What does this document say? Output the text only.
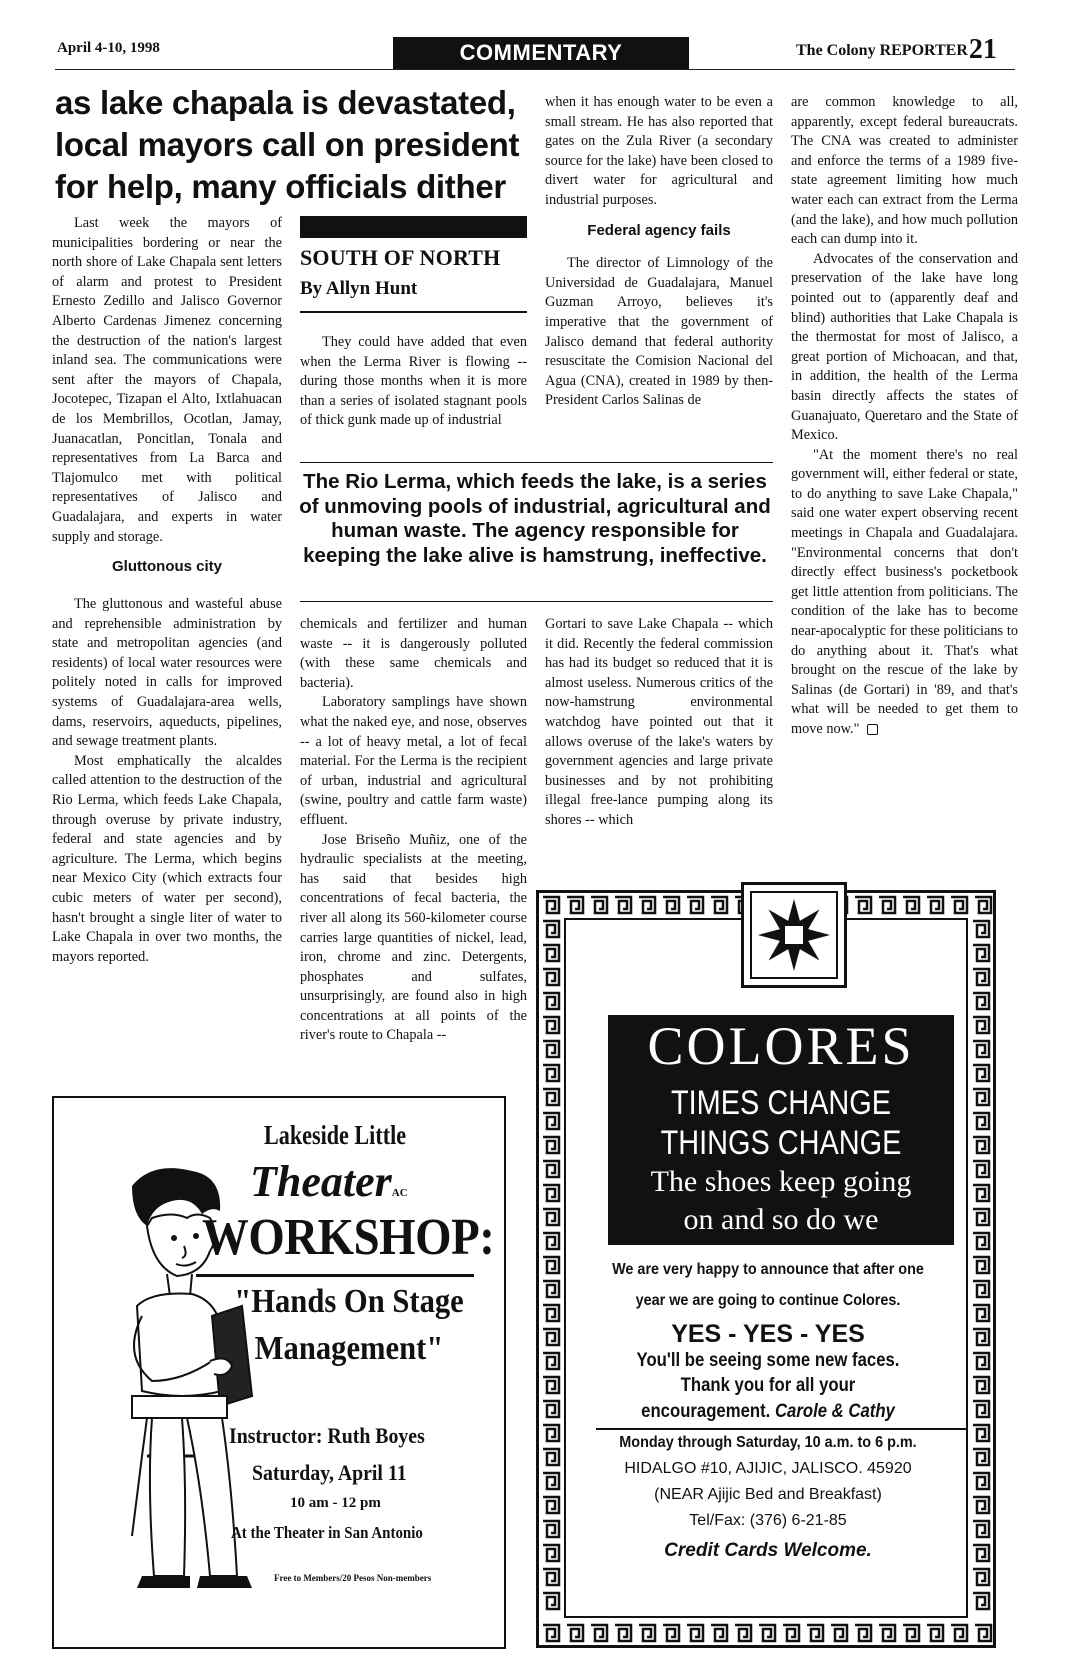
April 4-10, 1998	COMMENTARY	The Colony REPORTER21
as lake chapala is devastated, local mayors call on president for help, many officials dither

Last week the mayors of municipalities bordering or near the north shore of Lake Chapala sent letters of alarm and protest to President Ernesto Zedillo and Jalisco Governor Alberto Cardenas Jimenez concerning the destruction of the nation's largest inland sea. The communications were sent after the mayors of Chapala, Jocotepec, Tizapan el Alto, Ixtlahuacan de los Membrillos, Ocotlan, Jamay, Juanacatlan, Poncitlan, Tonala and representatives from La Barca and Tlajomulco met with political representatives of Jalisco and Guadalajara, and experts in water supply and storage.

Gluttonous city

The gluttonous and wasteful abuse and reprehensible administration by state and metropolitan agencies (and residents) of local water resources were politely noted in calls for improved systems of Guadalajara-area wells, dams, reservoirs, aqueducts, pipelines, and sewage treatment plants.

Most emphatically the alcaldes called attention to the destruction of the Rio Lerma, which feeds Lake Chapala, through overuse by private industry, federal and state agencies and by agriculture. The Lerma, which begins near Mexico City (which extracts four cubic meters of water per second), hasn't brought a single liter of water to Lake Chapala in over two months, the mayors reported.

SOUTH OF NORTH
By Allyn Hunt

They could have added that even when the Lerma River is flowing -- during those months when it is more than a series of isolated stagnant pools of thick gunk made up of industrial

chemicals and fertilizer and human waste -- it is dangerously polluted (with these same chemicals and bacteria).

Laboratory samplings have shown what the naked eye, and nose, observes -- a lot of heavy metal, a lot of fecal material. For the Lerma is the recipient of urban, industrial and agricultural (swine, poultry and cattle farm waste) effluent.

Jose Briseño Muñiz, one of the hydraulic specialists at the meeting, has said that besides high concentrations of fecal bacteria, the river all along its 560-kilometer course carries large quantities of nickel, lead, iron, chrome and zinc. Detergents, phosphates and sulfates, unsurprisingly, are found also in high concentrations at all points of the river's route to Chapala --

when it has enough water to be even a small stream. He has also reported that gates on the Zula River (a secondary source for the lake) have been closed to divert water for agricultural and industrial purposes.

Federal agency fails

The director of Limnology of the Universidad de Guadalajara, Manuel Guzman Arroyo, believes it's imperative that the government of Jalisco demand that federal authority resuscitate the Comision Nacional del Agua (CNA), created in 1989 by then-President Carlos Salinas de

Gortari to save Lake Chapala -- which it did. Recently the federal commission has had its budget so reduced that it is almost useless. Numerous critics of the now-hamstrung environmental watchdog have pointed out that it allows overuse of the lake's waters by government agencies and large private businesses and by not prohibiting illegal free-lance pumping along its shores -- which

are common knowledge to all, apparently, except federal bureaucrats. The CNA was created to administer and enforce the terms of a 1989 five-state agreement limiting how much water each can extract from the Lerma (and the lake), and how much pollution each can dump into it.

Advocates of the conservation and preservation of the lake have long pointed out to (apparently deaf and blind) authorities that Lake Chapala is the thermostat for most of Jalisco, a great portion of Michoacan, and that, in addition, the health of the Lerma basin directly affects the states of Guanajuato, Queretaro and the State of Mexico.

"At the moment there's no real government will, either federal or state, to do anything to save Lake Chapala," said one water expert observing recent meetings in Chapala and Guadalajara. "Environmental concerns that don't directly effect business's pocketbook get little attention from politicians. The condition of the lake has to become near-apocalyptic for these politicians to do anything about it. That's what brought on the rescue of the lake by Salinas (de Gortari) in '89, and that's what will be needed to get them to move now."

The Rio Lerma, which feeds the lake, is a series of unmoving pools of industrial, agricultural and human waste. The agency responsible for keeping the lake alive is hamstrung, ineffective.
Lakeside Little
TheaterAC
WORKSHOP:
"Hands On Stage Management"
Instructor: Ruth Boyes
Saturday, April 11
10 am - 12 pm
At the Theater in San Antonio
Free to Members/20 Pesos Non-members
COLORES
TIMES CHANGE
THINGS CHANGE
The shoes keep going
on and so do we
We are very happy to announce that after one
year we are going to continue Colores.
YES - YES - YES
You'll be seeing some new faces.
Thank you for all your
encouragement. Carole & Cathy
Monday through Saturday, 10 a.m. to 6 p.m.
HIDALGO #10, AJIJIC, JALISCO. 45920
(NEAR Ajijic Bed and Breakfast)
Tel/Fax: (376) 6-21-85
Credit Cards Welcome.
